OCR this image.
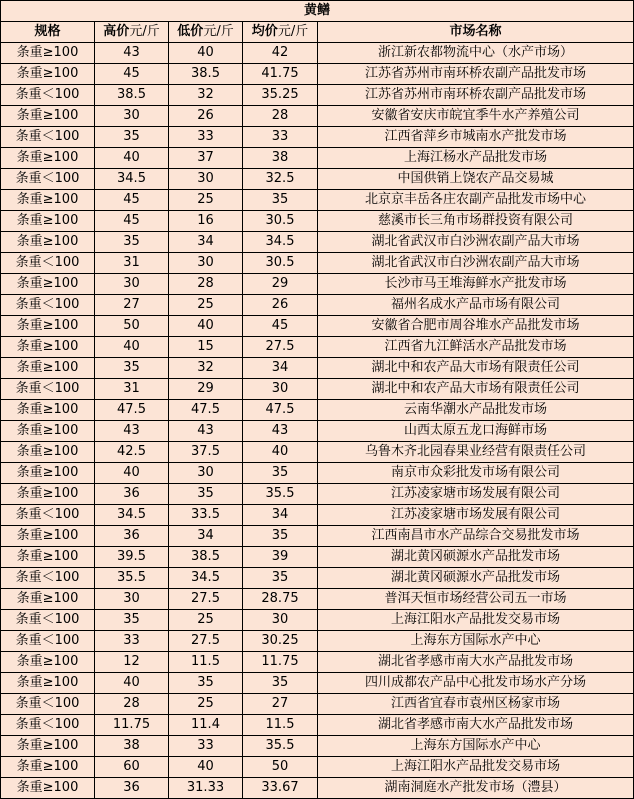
黄鳝				
规格	高价元/斤	低价元/斤	均价元/斤	市场名称
条重≥100	43	40	42	浙江新农都物流中心（水产市场）
条重≥100	45	38.5	41.75	江苏省苏州市南环桥农副产品批发市场
条重＜100	38.5	32	35.25	江苏省苏州市南环桥农副产品批发市场
条重≥100	30	26	28	安徽省安庆市皖宜季牛水产养殖公司
条重＜100	35	33	33	江西省萍乡市城南水产批发市场
条重≥100	40	37	38	上海江杨水产品批发市场
条重＜100	34.5	30	32.5	中国供销上饶农产品交易城
条重≥100	45	25	35	北京京丰岳各庄农副产品批发市场中心
条重≥100	45	16	30.5	慈溪市长三角市场群投资有限公司
条重≥100	35	34	34.5	湖北省武汉市白沙洲农副产品大市场
条重＜100	31	30	30.5	湖北省武汉市白沙洲农副产品大市场
条重≥100	30	28	29	长沙市马王堆海鲜水产批发市场
条重＜100	27	25	26	福州名成水产品市场有限公司
条重≥100	50	40	45	安徽省合肥市周谷堆水产品批发市场
条重≥100	40	15	27.5	江西省九江鲜活水产品批发市场
条重≥100	35	32	34	湖北中和农产品大市场有限责任公司
条重＜100	31	29	30	湖北中和农产品大市场有限责任公司
条重≥100	47.5	47.5	47.5	云南华潮水产品批发市场
条重≥100	43	43	43	山西太原五龙口海鲜市场
条重≥100	42.5	37.5	40	乌鲁木齐北园春果业经营有限责任公司
条重≥100	40	30	35	南京市众彩批发市场有限公司
条重≥100	36	35	35.5	江苏凌家塘市场发展有限公司
条重＜100	34.5	33.5	34	江苏凌家塘市场发展有限公司
条重≥100	36	34	35	江西南昌市水产品综合交易批发市场
条重≥100	39.5	38.5	39	湖北黄冈硕源水产品批发市场
条重＜100	35.5	34.5	35	湖北黄冈硕源水产品批发市场
条重≥100	30	27.5	28.75	普洱天恒市场经营公司五一市场
条重＜100	35	25	30	上海江阳水产品批发交易市场
条重＜100	33	27.5	30.25	上海东方国际水产中心
条重≥100	12	11.5	11.75	湖北省孝感市南大水产品批发市场
条重≥100	40	35	35	四川成都农产品中心批发市场水产分场
条重＜100	28	25	27	江西省宜春市袁州区杨家市场
条重＜100	11.75	11.4	11.5	湖北省孝感市南大水产品批发市场
条重≥100	38	33	35.5	上海东方国际水产中心
条重≥100	60	40	50	上海江阳水产品批发交易市场
条重≥100	36	31.33	33.67	湖南洞庭水产批发市场（澧县）
